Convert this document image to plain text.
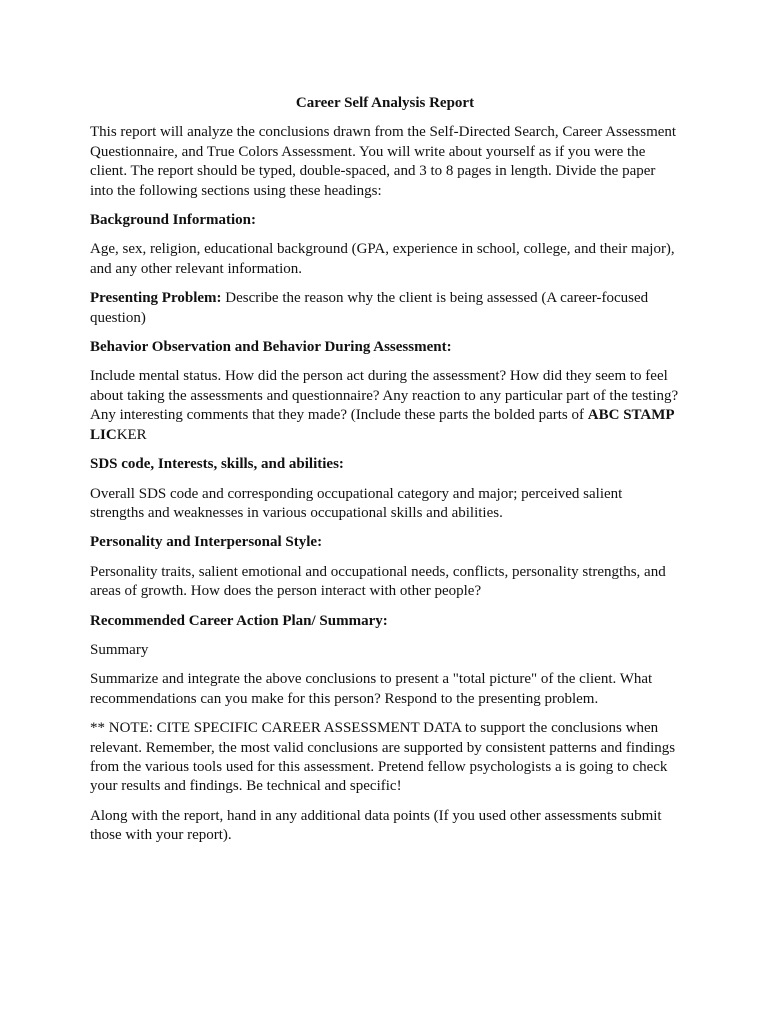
Career Self Analysis Report

This report will analyze the conclusions drawn from the Self-Directed Search, Career Assessment Questionnaire, and True Colors Assessment. You will write about yourself as if you were the client. The report should be typed, double-spaced, and 3 to 8 pages in length. Divide the paper into the following sections using these headings:

Background Information:

Age, sex, religion, educational background (GPA, experience in school, college, and their major), and any other relevant information.

Presenting Problem: Describe the reason why the client is being assessed (A career-focused question)

Behavior Observation and Behavior During Assessment:

Include mental status. How did the person act during the assessment? How did they seem to feel about taking the assessments and questionnaire? Any reaction to any particular part of the testing? Any interesting comments that they made? (Include these parts the bolded parts of ABC STAMP LICKER

SDS code, Interests, skills, and abilities:

Overall SDS code and corresponding occupational category and major; perceived salient strengths and weaknesses in various occupational skills and abilities.

Personality and Interpersonal Style:

Personality traits, salient emotional and occupational needs, conflicts, personality strengths, and areas of growth. How does the person interact with other people?

Recommended Career Action Plan/ Summary:

Summary

Summarize and integrate the above conclusions to present a "total picture" of the client. What recommendations can you make for this person? Respond to the presenting problem.

** NOTE: CITE SPECIFIC CAREER ASSESSMENT DATA to support the conclusions when relevant. Remember, the most valid conclusions are supported by consistent patterns and findings from the various tools used for this assessment. Pretend fellow psychologists a is going to check your results and findings. Be technical and specific!

Along with the report, hand in any additional data points (If you used other assessments submit those with your report).
